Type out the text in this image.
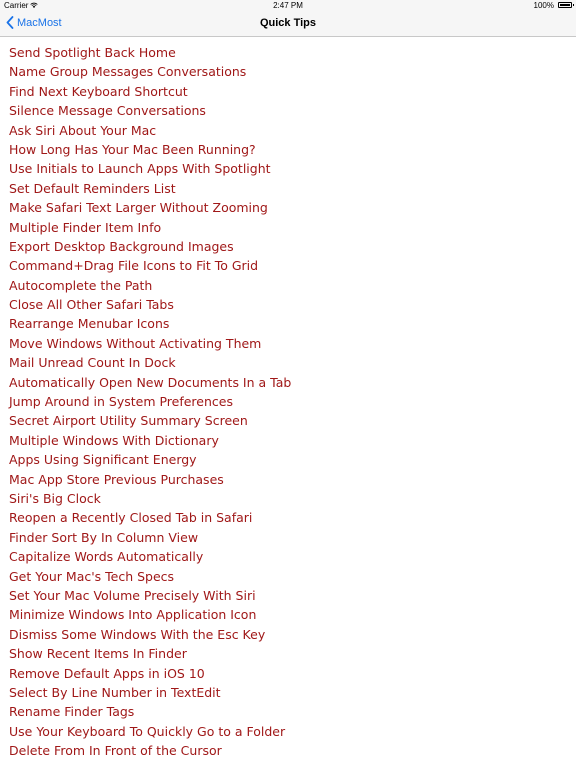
Carrier	2:47 PM	100%
MacMost	Quick Tips
Send Spotlight Back Home
Name Group Messages Conversations
Find Next Keyboard Shortcut
Silence Message Conversations
Ask Siri About Your Mac
How Long Has Your Mac Been Running?
Use Initials to Launch Apps With Spotlight
Set Default Reminders List
Make Safari Text Larger Without Zooming
Multiple Finder Item Info
Export Desktop Background Images
Command+Drag File Icons to Fit To Grid
Autocomplete the Path
Close All Other Safari Tabs
Rearrange Menubar Icons
Move Windows Without Activating Them
Mail Unread Count In Dock
Automatically Open New Documents In a Tab
Jump Around in System Preferences
Secret Airport Utility Summary Screen
Multiple Windows With Dictionary
Apps Using Significant Energy
Mac App Store Previous Purchases
Siri's Big Clock
Reopen a Recently Closed Tab in Safari
Finder Sort By In Column View
Capitalize Words Automatically
Get Your Mac's Tech Specs
Set Your Mac Volume Precisely With Siri
Minimize Windows Into Application Icon
Dismiss Some Windows With the Esc Key
Show Recent Items In Finder
Remove Default Apps in iOS 10
Select By Line Number in TextEdit
Rename Finder Tags
Use Your Keyboard To Quickly Go to a Folder
Delete From In Front of the Cursor
